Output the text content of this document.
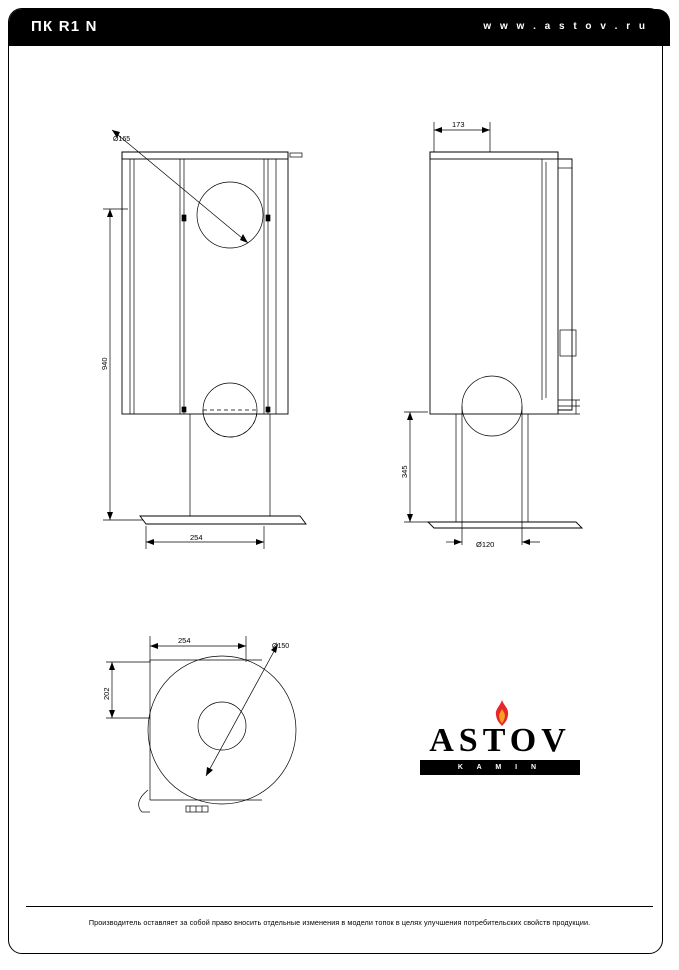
ПК R1 N	w w w . a s t o v . r u
Ø165
940
254
173
345
Ø120
254
202
Ø150
ASTOV
K A M I N
Производитель оставляет за собой право вносить отдельные изменения в модели топок в целях улучшения потребительских свойств продукции.
